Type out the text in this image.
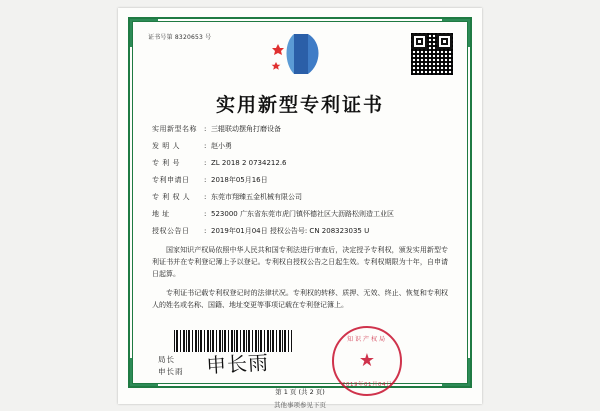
证书号第 8320653 号
实用新型专利证书
实用新型名称	: 三辊联动摆角打磨设备
发 明 人	: 赵小勇
专 利 号	: ZL 2018 2 0734212.6
专利申请日	: 2018年05月16日
专 利 权 人	: 东莞市翔臻五金机械有限公司
地 址	: 523000 广东省东莞市虎门镇怀德社区大沥路松则造工业区
授权公告日	: 2019年01月04日 授权公告号: CN 208323035 U

国家知识产权局依照中华人民共和国专利法进行审查后，决定授予专利权，颁发实用新型专利证书并在专利登记簿上予以登记。专利权自授权公告之日起生效。专利权期限为十年，自申请日起算。

专利证书记载专利权登记时的法律状况。专利权的转移、质押、无效、终止、恢复和专利权人的姓名或名称、国籍、地址变更等事项记载在专利登记簿上。

局长
申长雨 申长雨
知识产权局
★
2019年01月04日
第 1 页 (共 2 页)
其他事项参见下页
